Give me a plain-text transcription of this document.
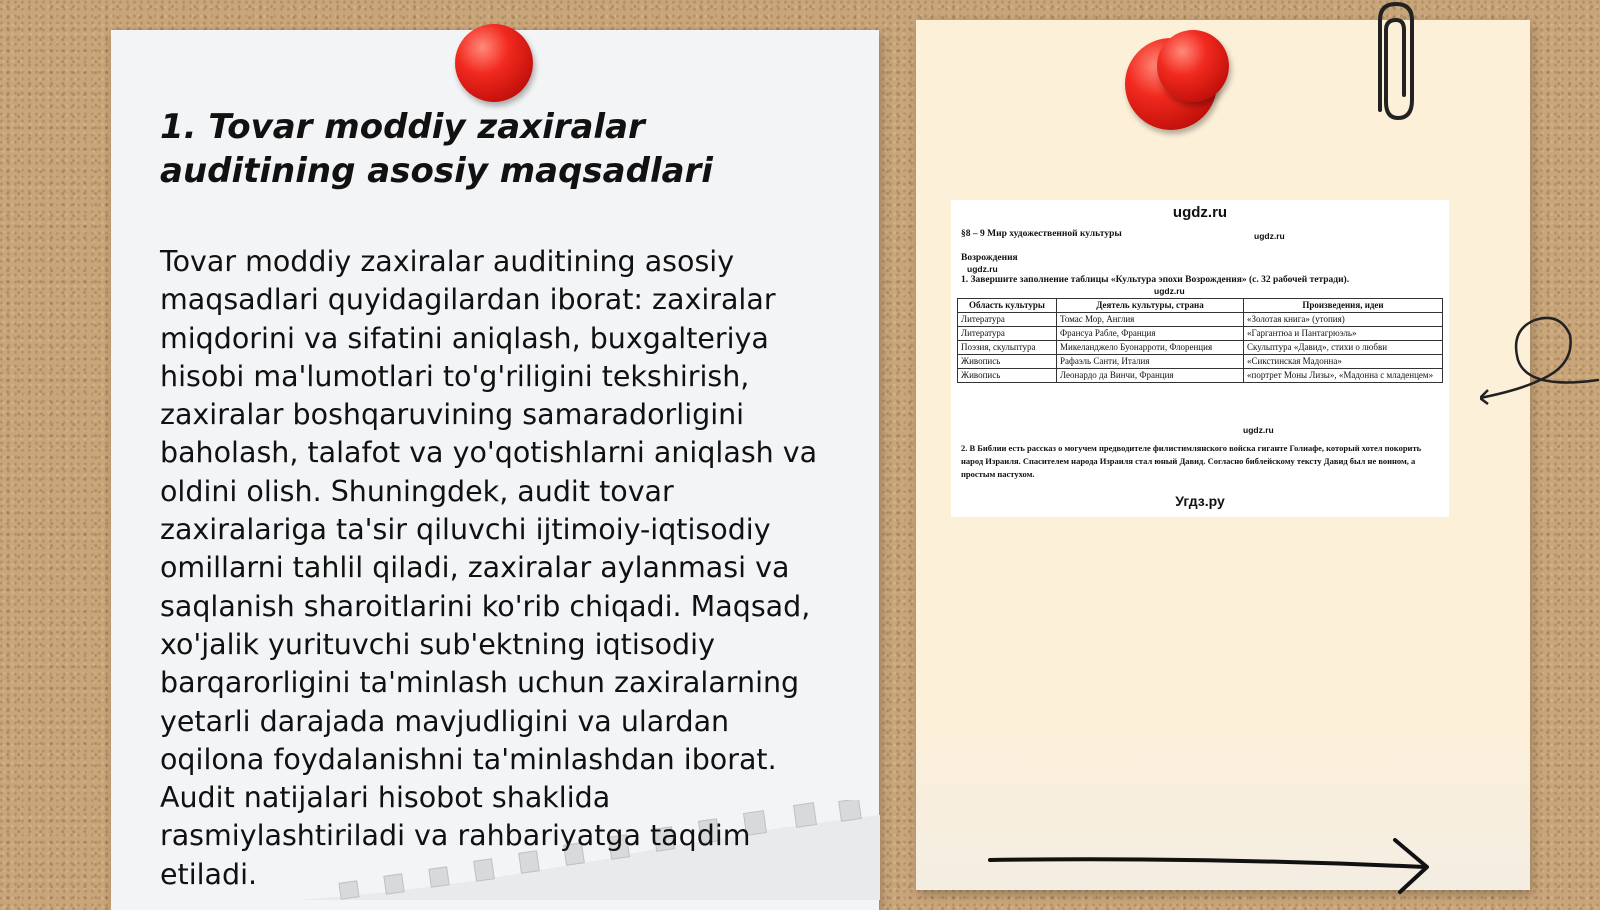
1. Tovar moddiy zaxiralar auditining asosiy maqsadlari
Tovar moddiy zaxiralar auditining asosiy maqsadlari quyidagilardan iborat: zaxiralar miqdorini va sifatini aniqlash, buxgalteriya hisobi ma'lumotlari to'g'riligini tekshirish, zaxiralar boshqaruvining samaradorligini baholash, talafot va yo'qotishlarni aniqlash va oldini olish. Shuningdek, audit tovar zaxiralariga ta'sir qiluvchi ijtimoiy-iqtisodiy omillarni tahlil qiladi, zaxiralar aylanmasi va saqlanish sharoitlarini ko'rib chiqadi. Maqsad, xo'jalik yurituvchi sub'ektning iqtisodiy barqarorligini ta'minlash uchun zaxiralarning yetarli darajada mavjudligini va ulardan oqilona foydalanishni ta'minlashdan iborat. Audit natijalari hisobot shaklida rasmiylashtiriladi va rahbariyatga taqdim etiladi.
ugdz.ru
§8 – 9 Мир художественной культуры	ugdz.ru
Возрождения
ugdz.ru
1. Завершите заполнение таблицы «Культура эпохи Возрождения» (с. 32 рабочей тетради).
ugdz.ru
Область культуры	Деятель культуры, страна	Произведения, идеи
Литература	Томас Мор, Англия	«Золотая книга» (утопия)
Литература	Франсуа Рабле, Франция	«Гаргантюа и Пантагрюэль»
Поэзия, скульптура	Микеланджело Буонарроти, Флоренция	Скульптура «Давид», стихи о любви
Живопись	Рафаэль Санти, Италия	«Сикстинская Мадонна»
Живопись	Леонардо да Винчи, Франция	«портрет Моны Лизы», «Мадонна с младенцем»
ugdz.ru
2. В Библии есть рассказ о могучем предводителе филистимлянского войска гиганте Голиафе, который хотел покорить народ Израиля. Спасителем народа Израиля стал юный Давид. Согласно библейскому тексту Давид был не воином, а простым пастухом.
Угдз.ру
